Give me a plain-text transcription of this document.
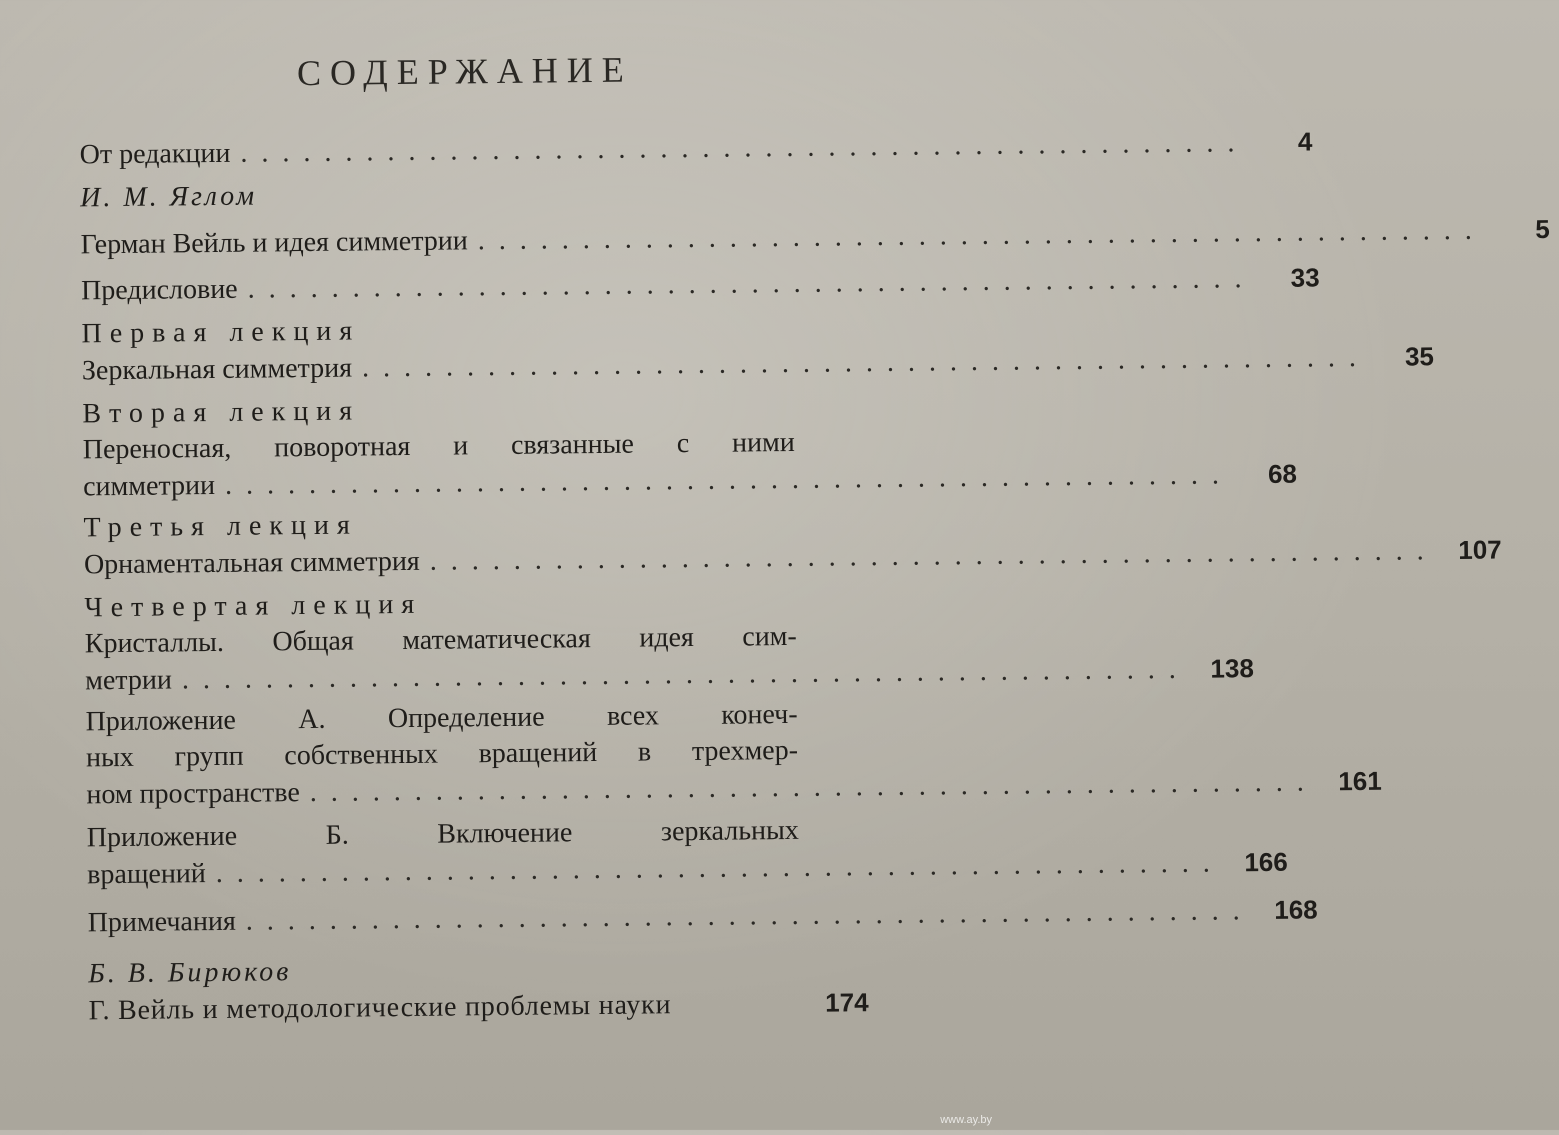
СОДЕРЖАНИЕ
От редакции ................................................	4
И. М. Яглом
Герман Вейль и идея симметрии ................................................	5
Предисловие ................................................	33
Первая лекция
Зеркальная симметрия ................................................	35
Вторая лекция
Переносная, поворотная и связанные с ними
симметрии ................................................	68
Третья лекция
Орнаментальная симметрия ................................................ 107
Четвертая лекция
Кристаллы. Общая математическая идея сим-
метрии ................................................ 138
Приложение А. Определение всех конеч-
ных групп собственных вращений в трехмер-
ном пространстве ................................................ 161
Приложение Б. Включение зеркальных
вращений ................................................ 166
Примечания ................................................ 168
Б. В. Бирюков
Г. Вейль и методологические проблемы науки	174
www.ay.by
